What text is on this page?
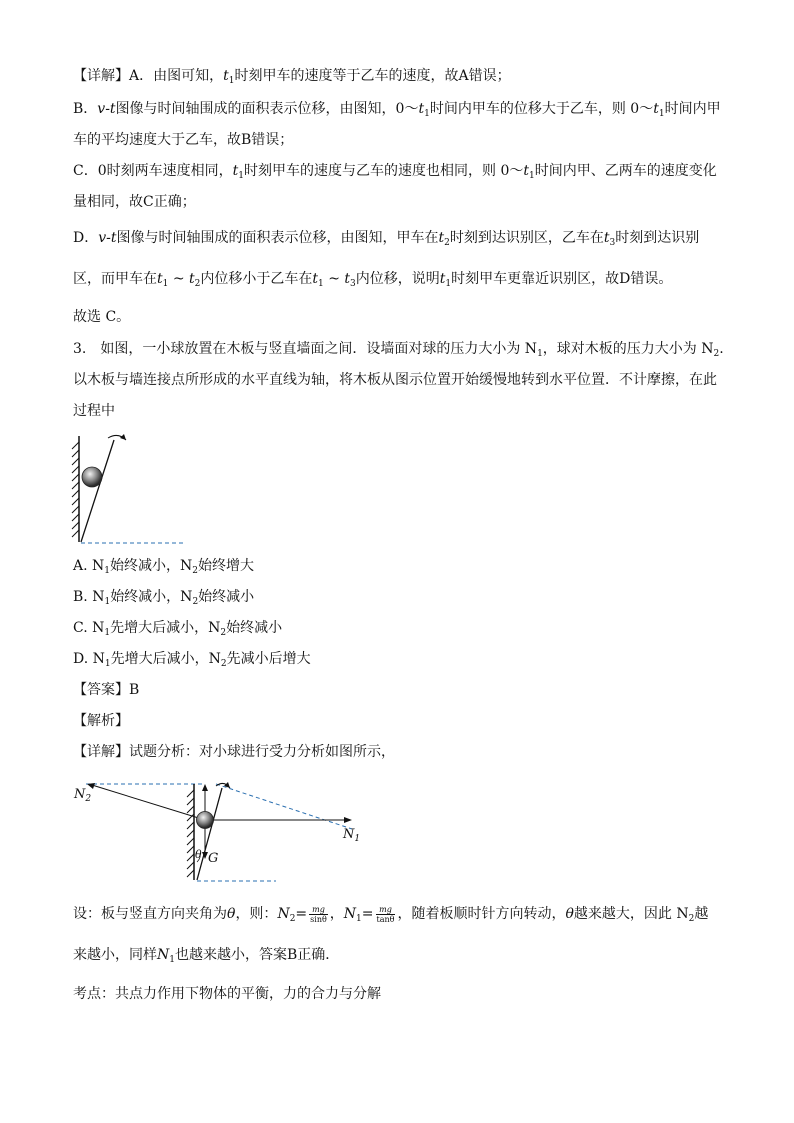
【详解】A．由图可知，$t_1$时刻甲车的速度等于乙车的速度，故A错误；
B．v-t图像与时间轴围成的面积表示位移，由图知，$0\sim t_1$时间内甲车的位移大于乙车，则 $0\sim t_1$时间内甲
车的平均速度大于乙车，故B错误；
C．0时刻两车速度相同，$t_1$时刻甲车的速度与乙车的速度也相同，则 $0\sim t_1$时间内甲、乙两车的速度变化
量相同，故C正确；
D．v-t图像与时间轴围成的面积表示位移，由图知，甲车在$t_2$时刻到达识别区，乙车在$t_3$时刻到达识别
区，而甲车在$t_1$ ~ $t_2$内位移小于乙车在$t_1$ ~ $t_3$内位移，说明$t_1$时刻甲车更靠近识别区，故D错误。
故选 C。
3.　如图，一小球放置在木板与竖直墙面之间．设墙面对球的压力大小为 $N_1$，球对木板的压力大小为 $N_2$.
以木板与墙连接点所形成的水平直线为轴，将木板从图示位置开始缓慢地转到水平位置．不计摩擦，在此
过程中
A. $N_1$始终减小，$N_2$始终增大
B. $N_1$始终减小，$N_2$始终减小
C. $N_1$先增大后减小，$N_2$始终减小
D. $N_1$先增大后减小，$N_2$先减小后增大
【答案】B
【解析】
【详解】试题分析：对小球进行受力分析如图所示，
$N_2$
$N_1$
θ G
设：板与竖直方向夹角为θ，则：$N_2= \frac{mg}{\sin\theta}$ ，$N_1= \frac{mg}{\tan\theta}$ ，随着板顺时针方向转动，θ越来越大，因此 $N_2$越
来越小，同样$N_1$也越来越小，答案B正确．
考点：共点力作用下物体的平衡，力的合力与分解
